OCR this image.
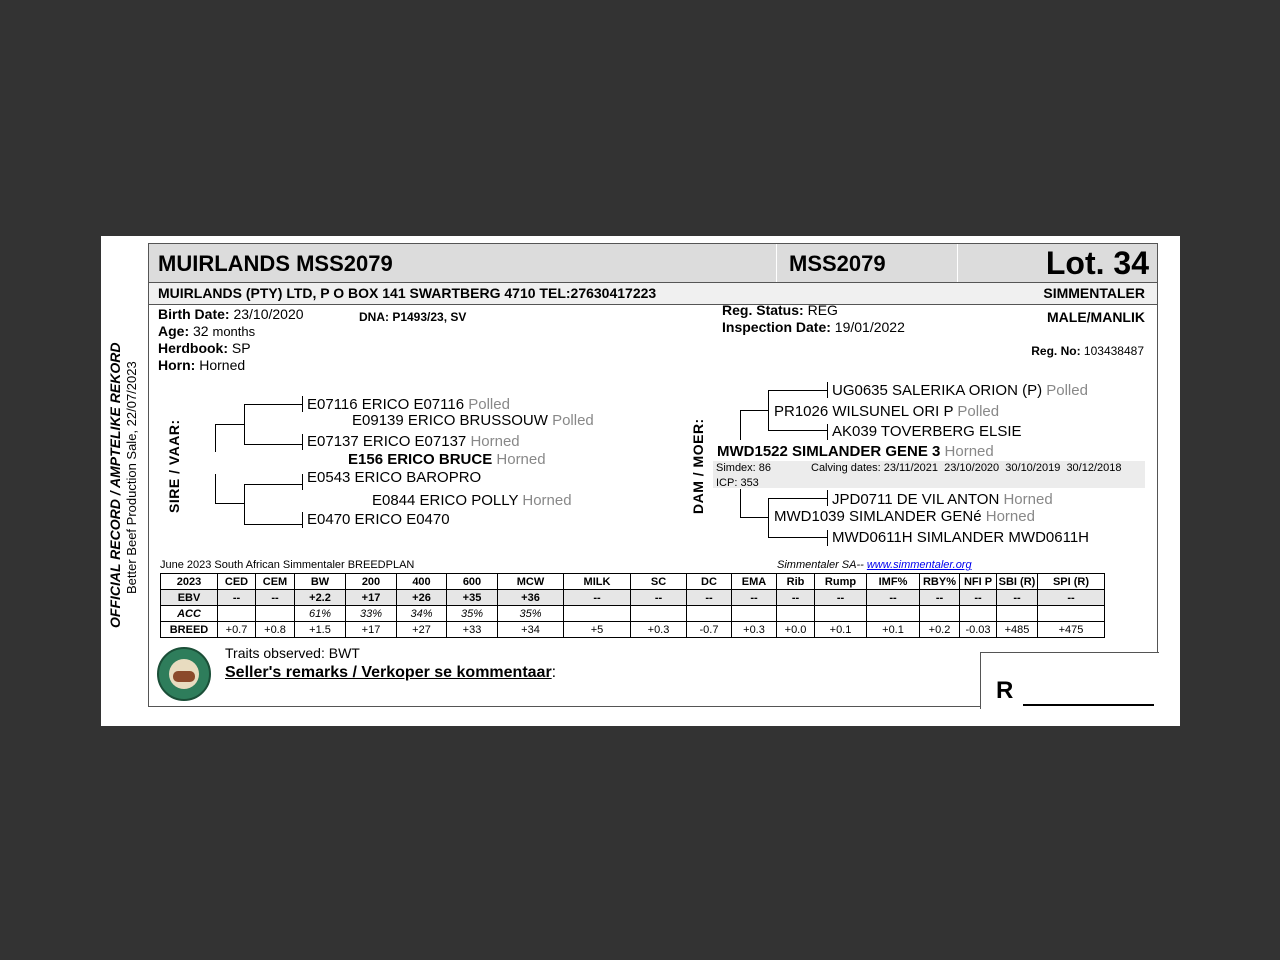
OFFICIAL RECORD / AMPTELIKE REKORD Better Beef Production Sale, 22/07/2023
MUIRLANDS MSS2079	MSS2079	Lot. 34
MUIRLANDS (PTY) LTD, P O BOX 141 SWARTBERG 4710 TEL:27630417223	SIMMENTALER
Birth Date: 23/10/2020
Age: 32 months
Herdbook: SP
Horn: Horned
DNA: P1493/23, SV	Reg. Status: REG
Inspection Date: 19/01/2022
MALE/MANLIK
Reg. No: 103438487
SIRE / VAAR:
E07116 ERICO E07116 Polled
E09139 ERICO BRUSSOUW Polled
E07137 ERICO E07137 Horned
E156 ERICO BRUCE Horned
E0543 ERICO BAROPRO
E0844 ERICO POLLY Horned
E0470 ERICO E0470
DAM / MOER:
UG0635 SALERIKA ORION (P) Polled
PR1026 WILSUNEL ORI P Polled
AK039 TOVERBERG ELSIE
MWD1522 SIMLANDER GENE 3 Horned
Simdex: 86
ICP: 353
Calving dates: 23/11/2021  23/10/2020  30/10/2019  30/12/2018
JPD0711 DE VIL ANTON Horned
MWD1039 SIMLANDER GENé Horned
MWD0611H SIMLANDER MWD0611H
June 2023 South African Simmentaler BREEDPLAN	Simmentaler SA-- www.simmentaler.org
2023	CED	CEM	BW	200	400	600	MCW	MILK	SC	DC	EMA	Rib	Rump	IMF%	RBY%	NFI P	SBI (R)	SPI (R)
EBV	--	--	+2.2	+17	+26	+35	+36	--	--	--	--	--	--	--	--	--	--	--
ACC			61%	33%	34%	35%	35%											
BREED	+0.7	+0.8	+1.5	+17	+27	+33	+34	+5	+0.3	-0.7	+0.3	+0.0	+0.1	+0.1	+0.2	-0.03	+485	+475
Traits observed: BWT
Seller's remarks / Verkoper se kommentaar:
R
